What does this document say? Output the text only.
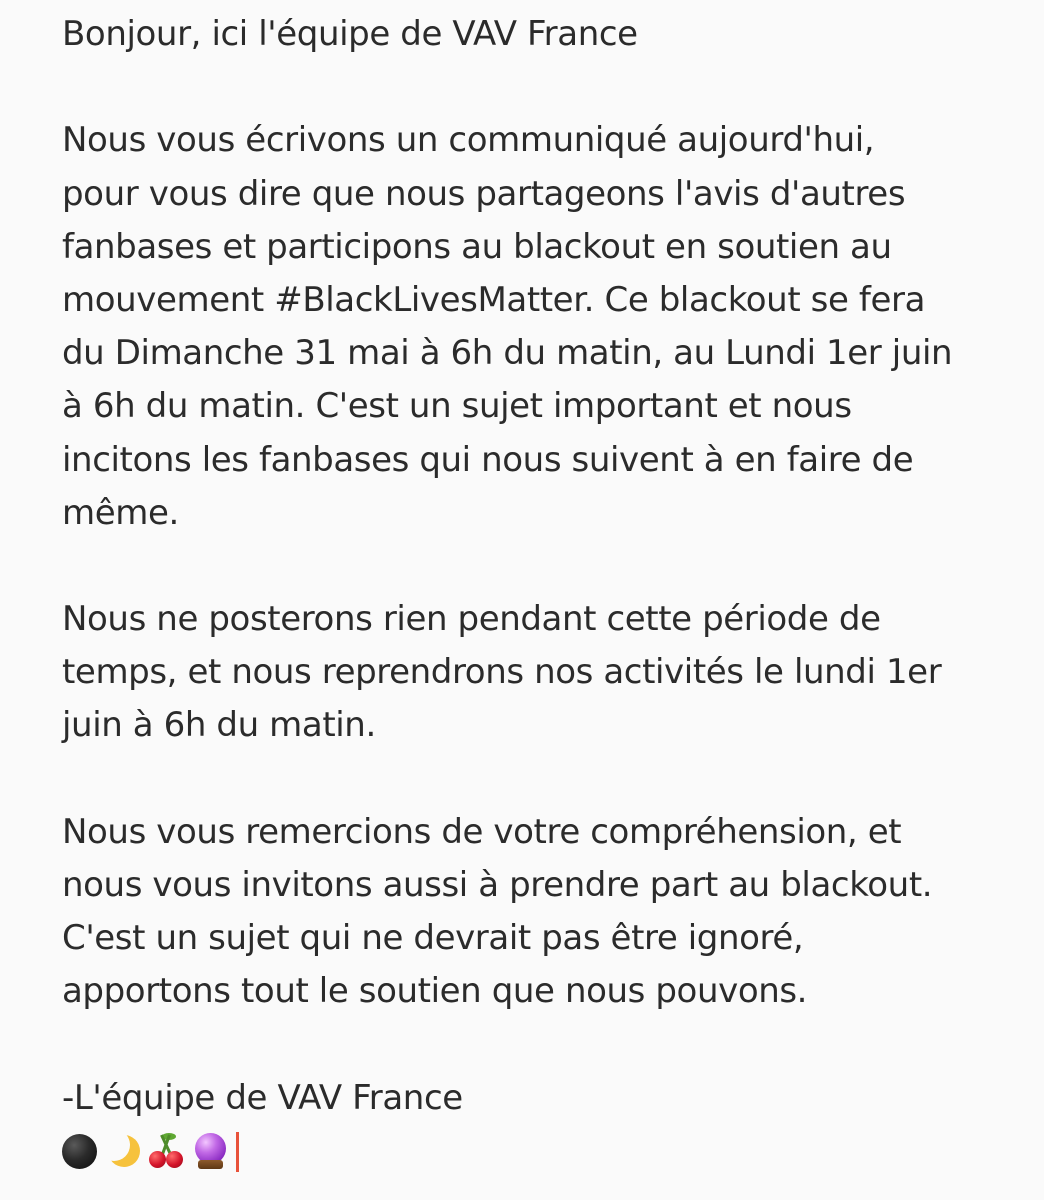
Bonjour, ici l'équipe de VAV France
Nous vous écrivons un communiqué aujourd'hui,
pour vous dire que nous partageons l'avis d'autres
fanbases et participons au blackout en soutien au
mouvement #BlackLivesMatter. Ce blackout se fera
du Dimanche 31 mai à 6h du matin, au Lundi 1er juin
à 6h du matin. C'est un sujet important et nous
incitons les fanbases qui nous suivent à en faire de
même.
Nous ne posterons rien pendant cette période de
temps, et nous reprendrons nos activités le lundi 1er
juin à 6h du matin.
Nous vous remercions de votre compréhension, et
nous vous invitons aussi à prendre part au blackout.
C'est un sujet qui ne devrait pas être ignoré,
apportons tout le soutien que nous pouvons.
-L'équipe de VAV France
